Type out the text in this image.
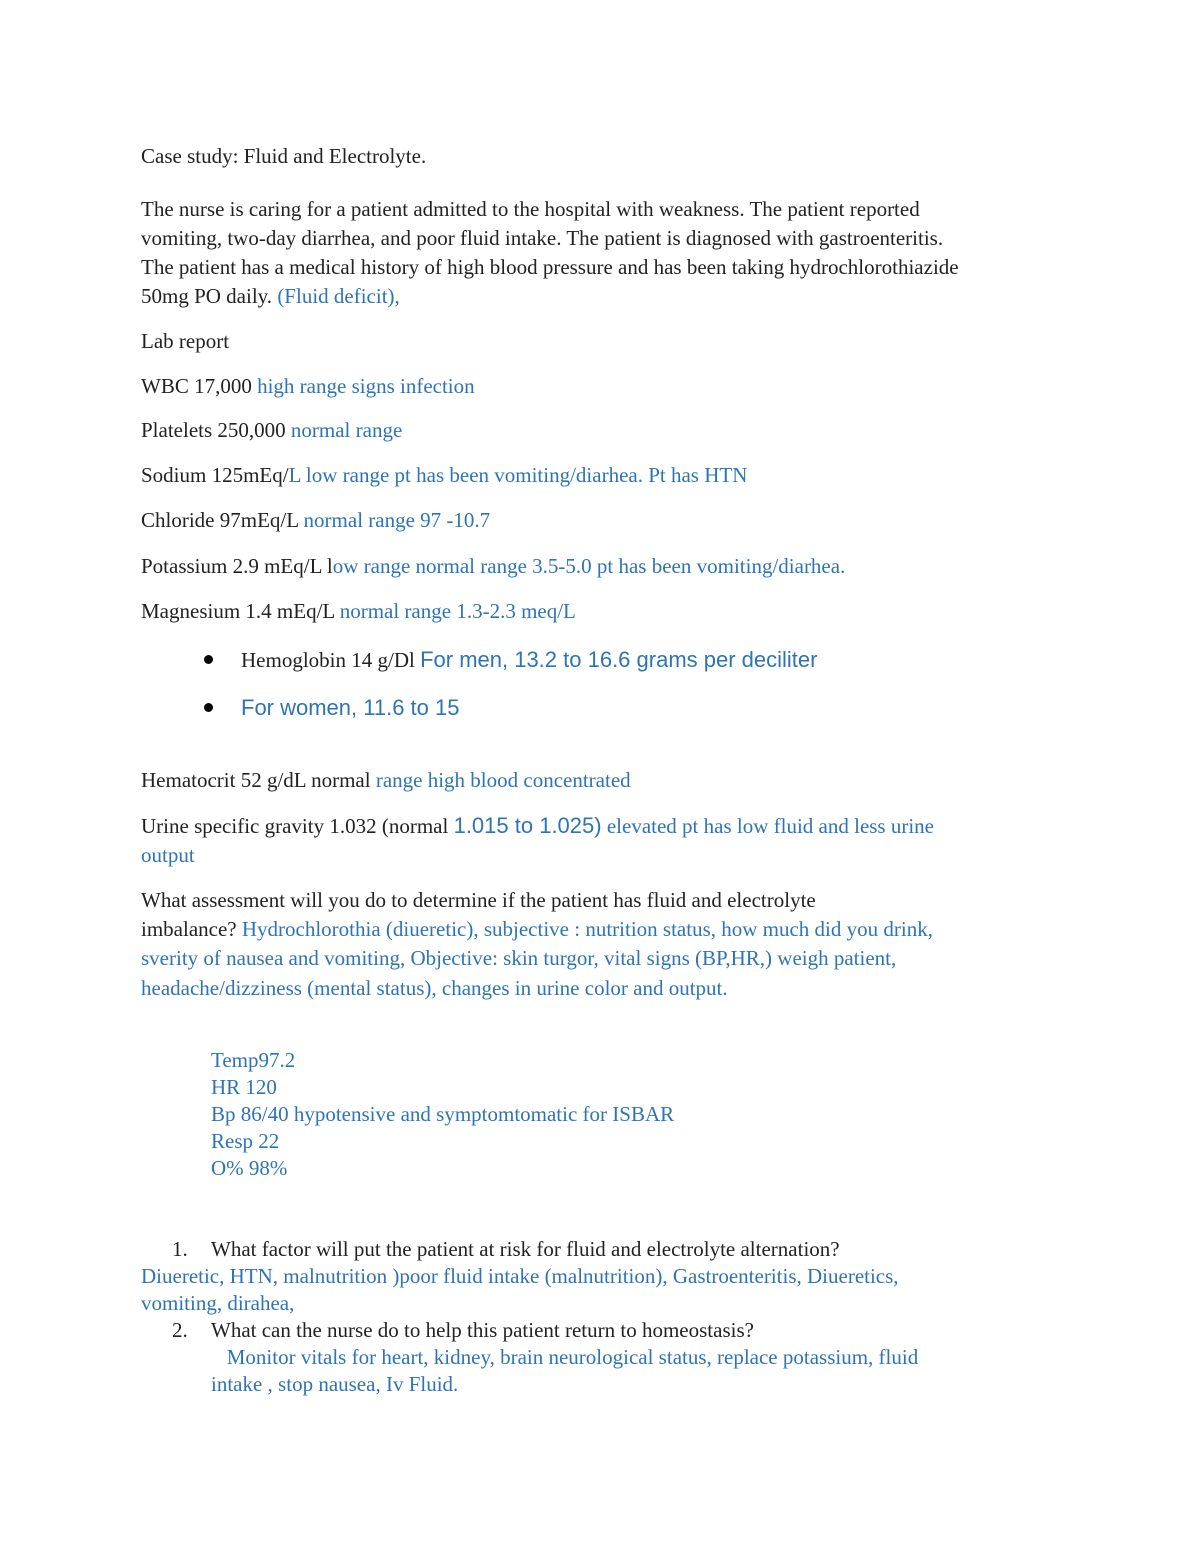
Case study: Fluid and Electrolyte.
The nurse is caring for a patient admitted to the hospital with weakness. The patient reported
vomiting, two-day diarrhea, and poor fluid intake. The patient is diagnosed with gastroenteritis.
The patient has a medical history of high blood pressure and has been taking hydrochlorothiazide
50mg PO daily. (Fluid deficit),
Lab report
WBC 17,000 high range signs infection
Platelets 250,000 normal range
Sodium 125mEq/L low range pt has been vomiting/diarhea. Pt has HTN
Chloride 97mEq/L normal range 97 -10.7
Potassium 2.9 mEq/L low range normal range 3.5-5.0 pt has been vomiting/diarhea.
Magnesium 1.4 mEq/L normal range 1.3-2.3 meq/L
Hemoglobin 14 g/Dl For men, 13.2 to 16.6 grams per deciliter
For women, 11.6 to 15
Hematocrit 52 g/dL normal range high blood concentrated
Urine specific gravity 1.032 (normal 1.015 to 1.025) elevated pt has low fluid and less urine
output
What assessment will you do to determine if the patient has fluid and electrolyte
imbalance? Hydrochlorothia (diueretic), subjective : nutrition status, how much did you drink,
sverity of nausea and vomiting, Objective: skin turgor, vital signs (BP,HR,) weigh patient,
headache/dizziness (mental status), changes in urine color and output.
Temp97.2
HR 120
Bp 86/40 hypotensive and symptomtomatic for ISBAR
Resp 22
O% 98%
1. What factor will put the patient at risk for fluid and electrolyte alternation?
Diueretic, HTN, malnutrition )poor fluid intake (malnutrition), Gastroenteritis, Diueretics,
vomiting, dirahea,
2. What can the nurse do to help this patient return to homeostasis?
Monitor vitals for heart, kidney, brain neurological status, replace potassium, fluid
intake , stop nausea, Iv Fluid.
